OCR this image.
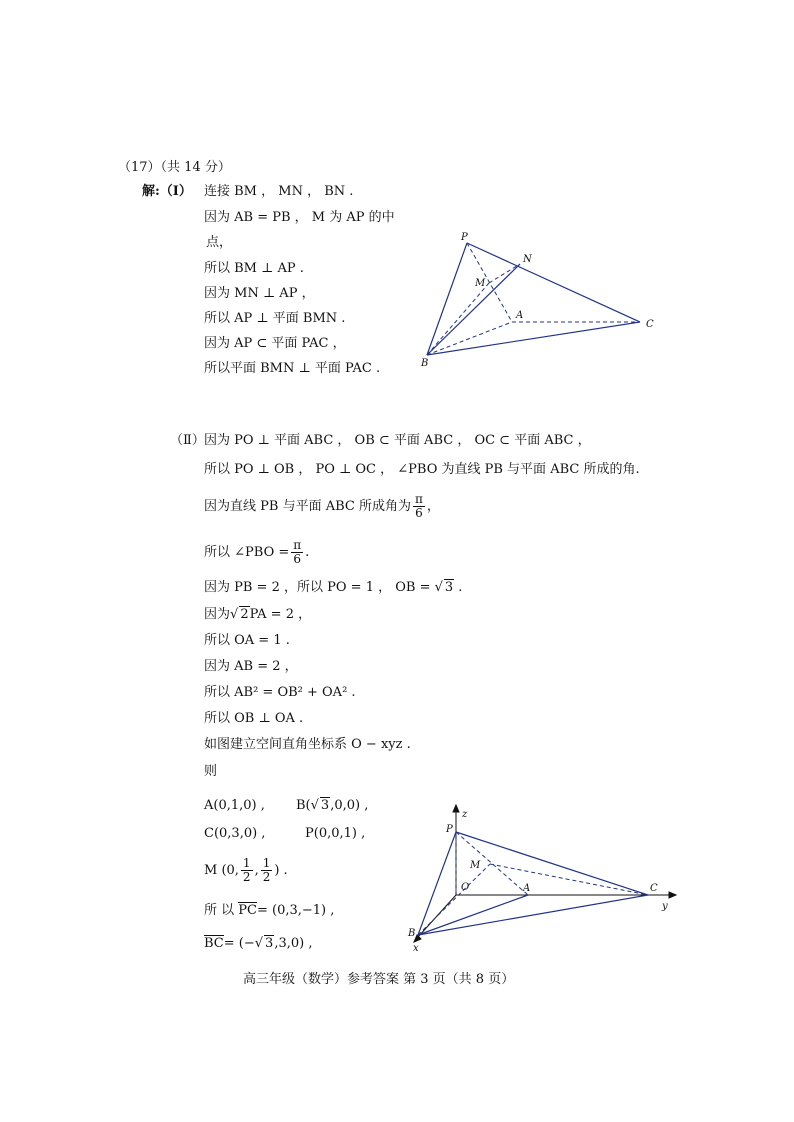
（17）（共 14 分）
解:（Ⅰ） 连接 BM ， MN ， BN .
因为 AB = PB ， M 为 AP 的中
点，
所以 BM ⊥ AP .
因为 MN ⊥ AP ，
所以 AP ⊥ 平面 BMN .
因为 AP ⊂ 平面 PAC ，
所以平面 BMN ⊥ 平面 PAC .
P
N
M
A
C
B
（Ⅱ） 因为 PO ⊥ 平面 ABC ， OB ⊂ 平面 ABC ， OC ⊂ 平面 ABC ，
所以 PO ⊥ OB ， PO ⊥ OC ， ∠PBO 为直线 PB 与平面 ABC 所成的角.
因为直线 PB 与平面 ABC 所成角为 $\frac{\pi}{6}$ ，
所以 ∠PBO = $\frac{\pi}{6}$ .
因为 PB = 2 ，所以 PO = 1 ， OB = √ 3 .
因为√ 2PA = 2 ，
所以 OA = 1 .
因为 AB = 2 ，
所以 AB² = OB² + OA² .
所以 OB ⊥ OA .
如图建立空间直角坐标系 O − xyz .
则
A(0,1,0) , B(√ 3,0,0) ,
C(0,3,0) ,	P(0,0,1) ,
M (0, $\frac{1}{2}$ , $\frac{1}{2}$ ) .
所 以 PC= (0,3,−1) ,
BC= (−√ 3,3,0) ,
z
P
M
O	A	C
y
B
x
高三年级（数学）参考答案 第 3 页（共 8 页）
